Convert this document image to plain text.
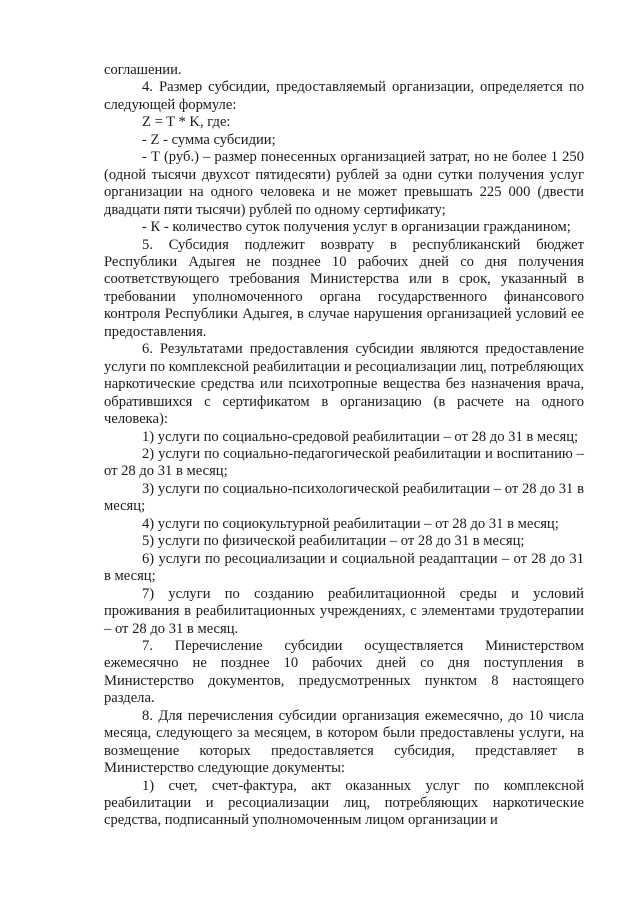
соглашении.

4. Размер субсидии, предоставляемый организации, определяется по следующей формуле:

Z = T * K, где:

- Z - сумма субсидии;

- Т (руб.) – размер понесенных организацией затрат, но не более 1 250 (одной тысячи двухсот пятидесяти) рублей за одни сутки получения услуг организации на одного человека и не может превышать 225 000 (двести двадцати пяти тысячи) рублей по одному сертификату;

- К - количество суток получения услуг в организации гражданином;

5. Субсидия подлежит возврату в республиканский бюджет Республики Адыгея не позднее 10 рабочих дней со дня получения соответствующего требования Министерства или в срок, указанный в требовании уполномоченного органа государственного финансового контроля Республики Адыгея, в случае нарушения организацией условий ее предоставления.

6. Результатами предоставления субсидии являются предоставление услуги по комплексной реабилитации и ресоциализации лиц, потребляющих наркотические средства или психотропные вещества без назначения врача, обратившихся с сертификатом в организацию (в расчете на одного человека):

1) услуги по социально-средовой реабилитации – от 28 до 31 в месяц;

2) услуги по социально-педагогической реабилитации и воспитанию – от 28 до 31 в месяц;

3) услуги по социально-психологической реабилитации – от 28 до 31 в месяц;

4) услуги по социокультурной реабилитации – от 28 до 31 в месяц;

5) услуги по физической реабилитации – от 28 до 31 в месяц;

6) услуги по ресоциализации и социальной реадаптации – от 28 до 31 в месяц;

7) услуги по созданию реабилитационной среды и условий проживания в реабилитационных учреждениях, с элементами трудотерапии – от 28 до 31 в месяц.

7. Перечисление субсидии осуществляется Министерством ежемесячно не позднее 10 рабочих дней со дня поступления в Министерство документов, предусмотренных пунктом 8 настоящего раздела.

8. Для перечисления субсидии организация ежемесячно, до 10 числа месяца, следующего за месяцем, в котором были предоставлены услуги, на возмещение которых предоставляется субсидия, представляет в Министерство следующие документы:

1) счет, счет-фактура, акт оказанных услуг по комплексной реабилитации и ресоциализации лиц, потребляющих наркотические средства, подписанный уполномоченным лицом организации и
